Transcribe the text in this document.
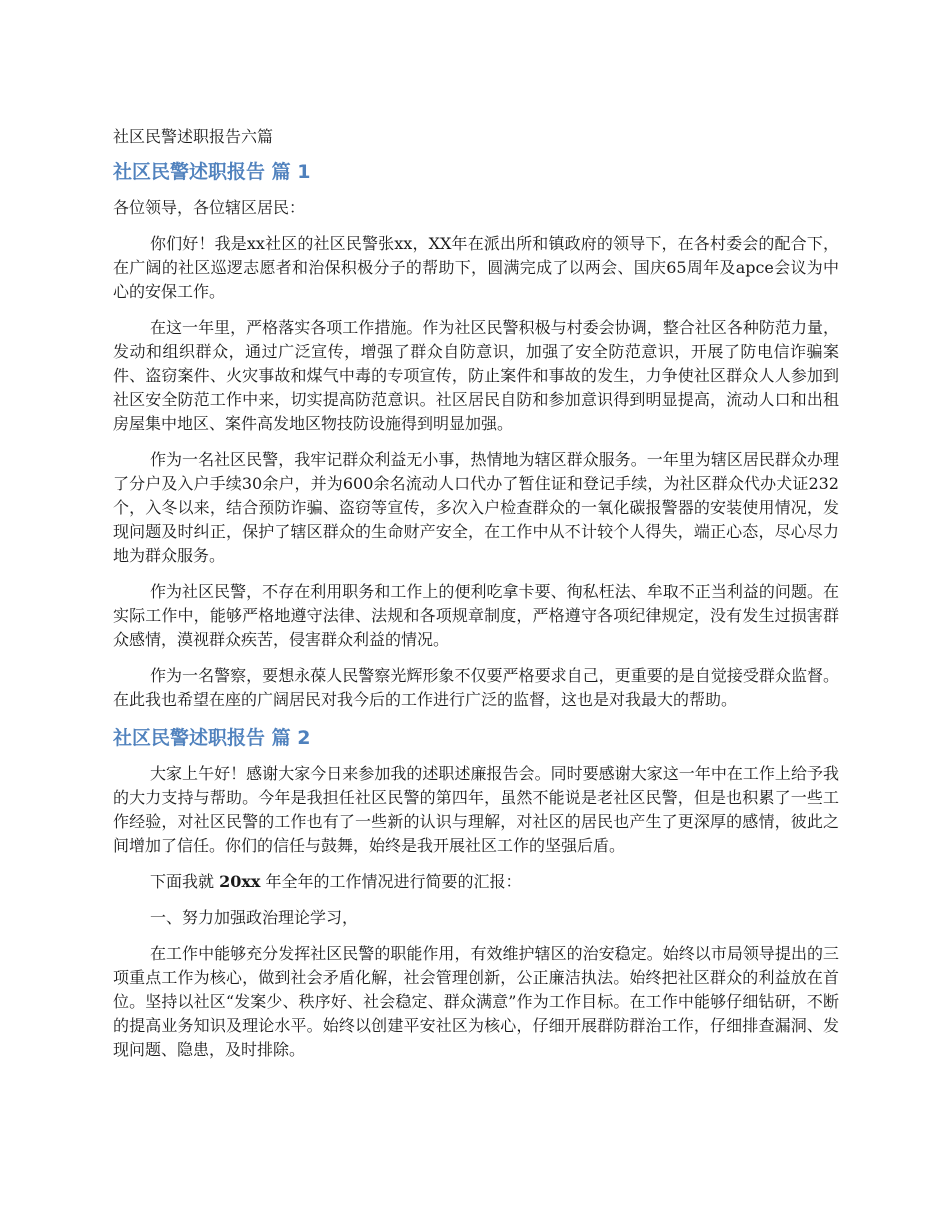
社区民警述职报告六篇
社区民警述职报告 篇 1

各位领导，各位辖区居民：

你们好！我是xx社区的社区民警张xx，XX年在派出所和镇政府的领导下，在各村委会的配合下，在广阔的社区巡逻志愿者和治保积极分子的帮助下，圆满完成了以两会、国庆65周年及apce会议为中心的安保工作。

在这一年里，严格落实各项工作措施。作为社区民警积极与村委会协调，整合社区各种防范力量，发动和组织群众，通过广泛宣传，增强了群众自防意识，加强了安全防范意识，开展了防电信诈骗案件、盗窃案件、火灾事故和煤气中毒的专项宣传，防止案件和事故的发生，力争使社区群众人人参加到社区安全防范工作中来，切实提高防范意识。社区居民自防和参加意识得到明显提高，流动人口和出租房屋集中地区、案件高发地区物技防设施得到明显加强。

作为一名社区民警，我牢记群众利益无小事，热情地为辖区群众服务。一年里为辖区居民群众办理了分户及入户手续30余户，并为600余名流动人口代办了暂住证和登记手续，为社区群众代办犬证232个，入冬以来，结合预防诈骗、盗窃等宣传，多次入户检查群众的一氧化碳报警器的安装使用情况，发现问题及时纠正，保护了辖区群众的生命财产安全，在工作中从不计较个人得失，端正心态，尽心尽力地为群众服务。

作为社区民警，不存在利用职务和工作上的便利吃拿卡要、徇私枉法、牟取不正当利益的问题。在实际工作中，能够严格地遵守法律、法规和各项规章制度，严格遵守各项纪律规定，没有发生过损害群众感情，漠视群众疾苦，侵害群众利益的情况。

作为一名警察，要想永葆人民警察光辉形象不仅要严格要求自己，更重要的是自觉接受群众监督。在此我也希望在座的广阔居民对我今后的工作进行广泛的监督，这也是对我最大的帮助。

社区民警述职报告 篇 2

大家上午好！感谢大家今日来参加我的述职述廉报告会。同时要感谢大家这一年中在工作上给予我的大力支持与帮助。今年是我担任社区民警的第四年，虽然不能说是老社区民警，但是也积累了一些工作经验，对社区民警的工作也有了一些新的认识与理解，对社区的居民也产生了更深厚的感情，彼此之间增加了信任。你们的信任与鼓舞，始终是我开展社区工作的坚强后盾。

下面我就 20xx 年全年的工作情况进行简要的汇报：

一、努力加强政治理论学习，

在工作中能够充分发挥社区民警的职能作用，有效维护辖区的治安稳定。始终以市局领导提出的三项重点工作为核心，做到社会矛盾化解，社会管理创新，公正廉洁执法。始终把社区群众的利益放在首位。坚持以社区“发案少、秩序好、社会稳定、群众满意”作为工作目标。在工作中能够仔细钻研，不断的提高业务知识及理论水平。始终以创建平安社区为核心，仔细开展群防群治工作，仔细排查漏洞、发现问题、隐患，及时排除。
